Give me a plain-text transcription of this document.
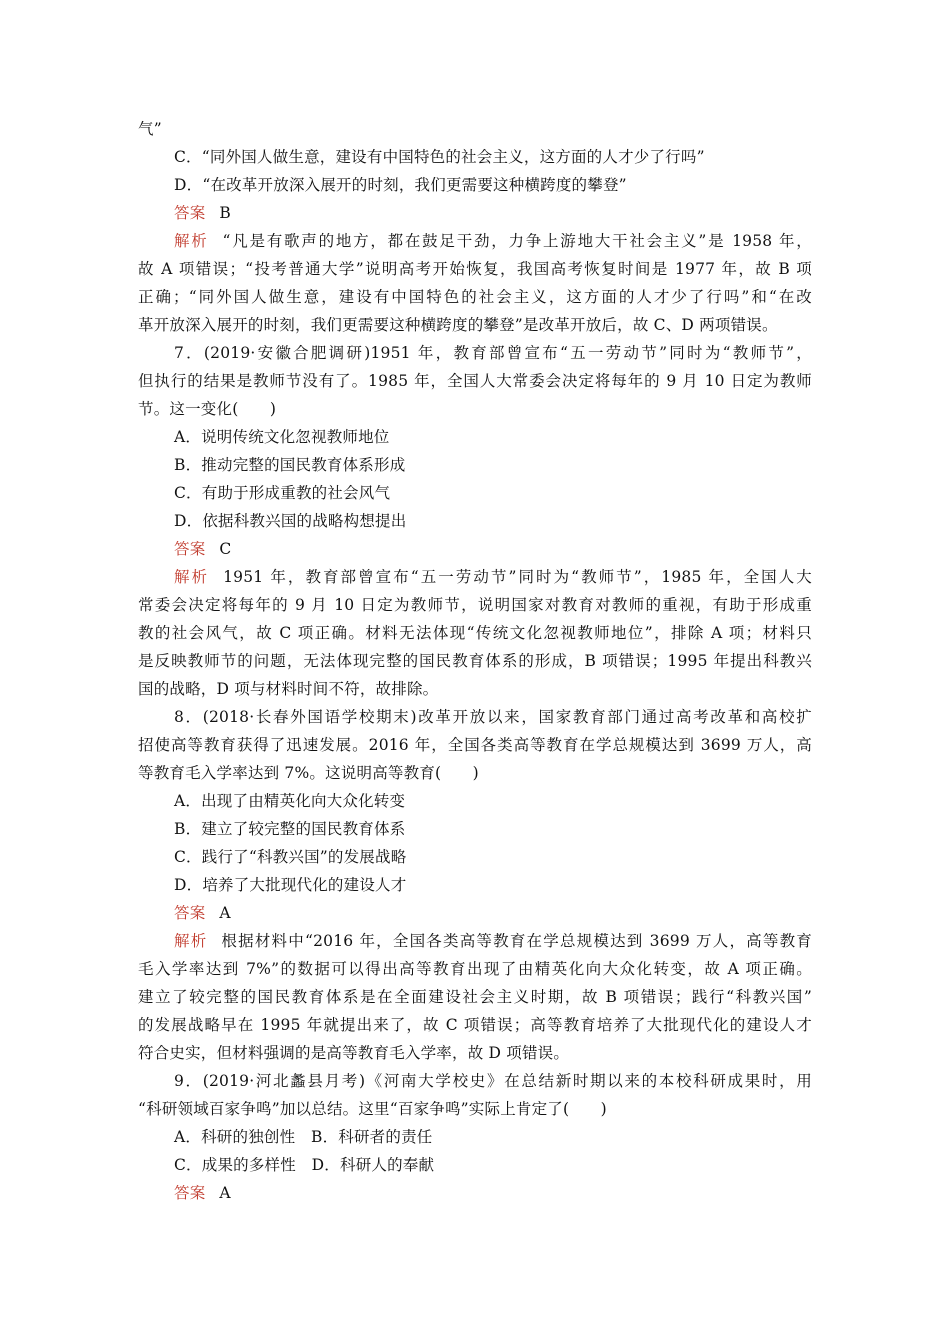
气”
C．“同外国人做生意，建设有中国特色的社会主义，这方面的人才少了行吗”
D．“在改革开放深入展开的时刻，我们更需要这种横跨度的攀登”
答案 B
解析 “凡是有歌声的地方，都在鼓足干劲，力争上游地大干社会主义”是 1958 年，
故 A 项错误；“投考普通大学”说明高考开始恢复，我国高考恢复时间是 1977 年，故 B 项
正确；“同外国人做生意，建设有中国特色的社会主义，这方面的人才少了行吗”和“在改
革开放深入展开的时刻，我们更需要这种横跨度的攀登”是改革开放后，故 C、D 两项错误。
7．(2019·安徽合肥调研)1951 年，教育部曾宣布“五一劳动节”同时为“教师节”，
但执行的结果是教师节没有了。1985 年，全国人大常委会决定将每年的 9 月 10 日定为教师
节。这一变化(　　)
A．说明传统文化忽视教师地位
B．推动完整的国民教育体系形成
C．有助于形成重教的社会风气
D．依据科教兴国的战略构想提出
答案 C
解析 1951 年，教育部曾宣布“五一劳动节”同时为“教师节”，1985 年，全国人大
常委会决定将每年的 9 月 10 日定为教师节，说明国家对教育对教师的重视，有助于形成重
教的社会风气，故 C 项正确。材料无法体现“传统文化忽视教师地位”，排除 A 项；材料只
是反映教师节的问题，无法体现完整的国民教育体系的形成，B 项错误；1995 年提出科教兴
国的战略，D 项与材料时间不符，故排除。
8．(2018·长春外国语学校期末)改革开放以来，国家教育部门通过高考改革和高校扩
招使高等教育获得了迅速发展。2016 年，全国各类高等教育在学总规模达到 3699 万人，高
等教育毛入学率达到 7%。这说明高等教育(　　)
A．出现了由精英化向大众化转变
B．建立了较完整的国民教育体系
C．践行了“科教兴国”的发展战略
D．培养了大批现代化的建设人才
答案 A
解析 根据材料中“2016 年，全国各类高等教育在学总规模达到 3699 万人，高等教育
毛入学率达到 7%”的数据可以得出高等教育出现了由精英化向大众化转变，故 A 项正确。
建立了较完整的国民教育体系是在全面建设社会主义时期，故 B 项错误；践行“科教兴国”
的发展战略早在 1995 年就提出来了，故 C 项错误；高等教育培养了大批现代化的建设人才
符合史实，但材料强调的是高等教育毛入学率，故 D 项错误。
9．(2019·河北蠡县月考)《河南大学校史》在总结新时期以来的本校科研成果时，用
“科研领域百家争鸣”加以总结。这里“百家争鸣”实际上肯定了(　　)
A．科研的独创性　B．科研者的责任
C．成果的多样性　D．科研人的奉献
答案 A
